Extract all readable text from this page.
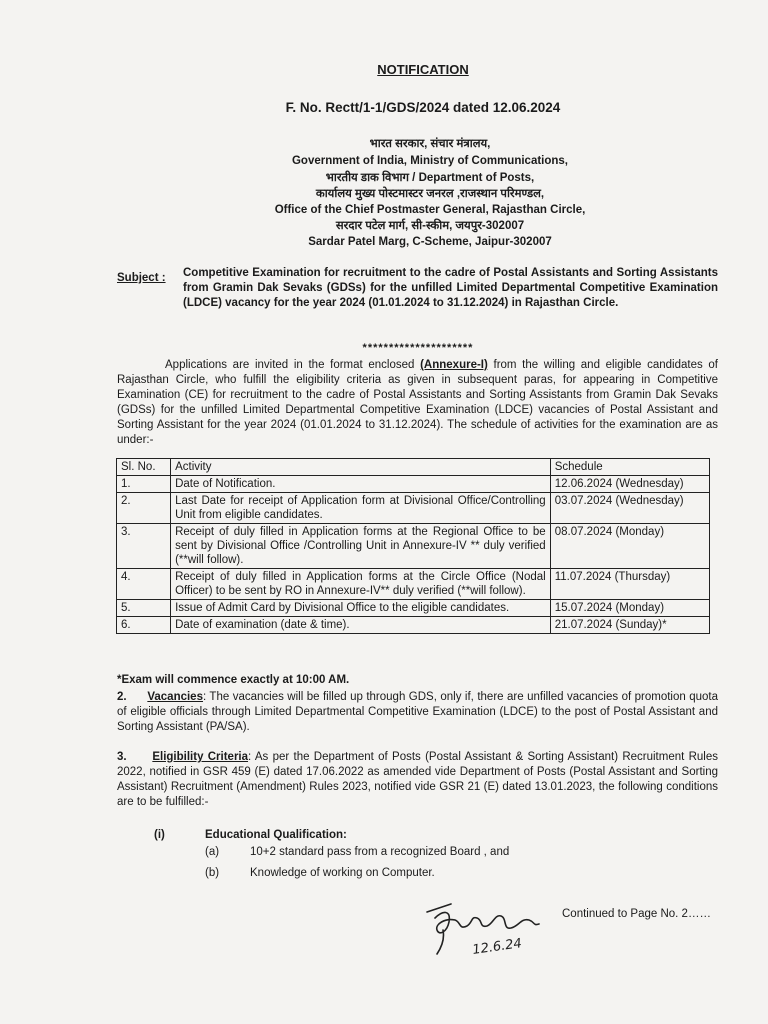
NOTIFICATION
F. No. Rectt/1-1/GDS/2024 dated 12.06.2024
भारत सरकार, संचार मंत्रालय,
Government of India, Ministry of Communications,
भारतीय डाक विभाग / Department of Posts,
कार्यालय मुख्य पोस्टमास्टर जनरल ,राजस्थान परिमण्डल,
Office of the Chief Postmaster General, Rajasthan Circle,
सरदार पटेल मार्ग, सी-स्कीम, जयपुर-302007
Sardar Patel Marg, C-Scheme, Jaipur-302007
Subject : Competitive Examination for recruitment to the cadre of Postal Assistants and Sorting Assistants from Gramin Dak Sevaks (GDSs) for the unfilled Limited Departmental Competitive Examination (LDCE) vacancy for the year 2024 (01.01.2024 to 31.12.2024) in Rajasthan Circle.
*********************
Applications are invited in the format enclosed (Annexure-I) from the willing and eligible candidates of Rajasthan Circle, who fulfill the eligibility criteria as given in subsequent paras, for appearing in Competitive Examination (CE) for recruitment to the cadre of Postal Assistants and Sorting Assistants from Gramin Dak Sevaks (GDSs) for the unfilled Limited Departmental Competitive Examination (LDCE) vacancies of Postal Assistant and Sorting Assistant for the year 2024 (01.01.2024 to 31.12.2024). The schedule of activities for the examination are as under:-
Sl. No.	Activity	Schedule
1.	Date of Notification.	12.06.2024 (Wednesday)
2.	Last Date for receipt of Application form at Divisional Office/Controlling Unit from eligible candidates.	03.07.2024 (Wednesday)
3.	Receipt of duly filled in Application forms at the Regional Office to be sent by Divisional Office /Controlling Unit in Annexure-IV ** duly verified (**will follow).	08.07.2024 (Monday)
4.	Receipt of duly filled in Application forms at the Circle Office (Nodal Officer) to be sent by RO in Annexure-IV** duly verified (**will follow).	11.07.2024 (Thursday)
5.	Issue of Admit Card by Divisional Office to the eligible candidates.	15.07.2024 (Monday)
6.	Date of examination (date & time).	21.07.2024 (Sunday)*
*Exam will commence exactly at 10:00 AM.
2. Vacancies: The vacancies will be filled up through GDS, only if, there are unfilled vacancies of promotion quota of eligible officials through Limited Departmental Competitive Examination (LDCE) to the post of Postal Assistant and Sorting Assistant (PA/SA).
3. Eligibility Criteria: As per the Department of Posts (Postal Assistant & Sorting Assistant) Recruitment Rules 2022, notified in GSR 459 (E) dated 17.06.2022 as amended vide Department of Posts (Postal Assistant and Sorting Assistant) Recruitment (Amendment) Rules 2023, notified vide GSR 21 (E) dated 13.01.2023, the following conditions are to be fulfilled:-
(i)	Educational Qualification:
(a)	10+2 standard pass from a recognized Board , and
(b)	Knowledge of working on Computer.
12.6.24
Continued to Page No. 2……
